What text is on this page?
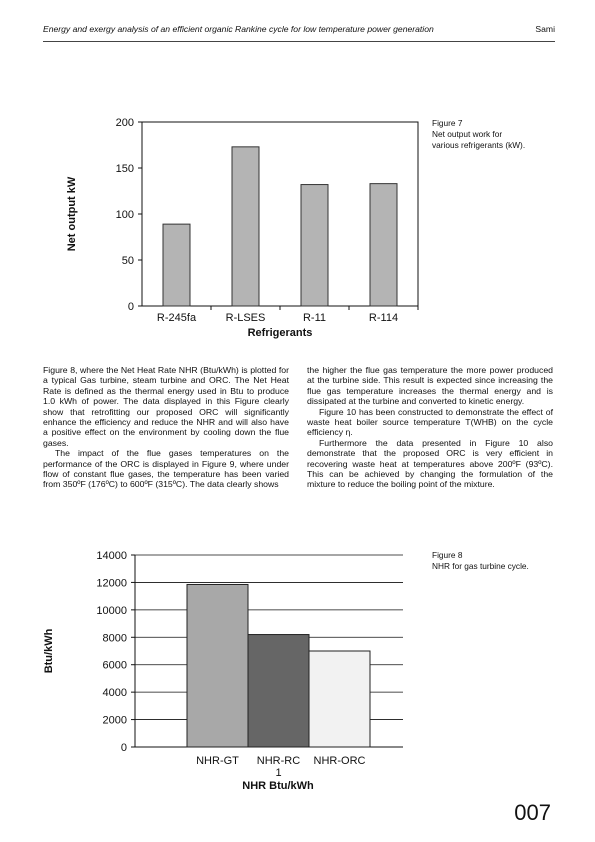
Energy and exergy analysis of an efficient organic Rankine cycle for low temperature power generation	Sami
0
50
100
150
200
R-245fa	R-LSES	R-11	R-114
Refrigerants
Net output kW
Figure 7
Net output work for
various refrigerants (kW).

Figure 8, where the Net Heat Rate NHR (Btu/kWh) is plotted for a typical Gas turbine, steam turbine and ORC. The Net Heat Rate is defined as the thermal energy used in Btu to produce 1.0 kWh of power. The data displayed in this Figure clearly show that retrofitting our proposed ORC will significantly enhance the efficiency and reduce the NHR and will also have a positive effect on the environment by cooling down the flue gases.

The impact of the flue gases temperatures on the performance of the ORC is displayed in Figure 9, where under flow of constant flue gases, the temperature has been varied from 350ºF (176ºC) to 600ºF (315ºC). The data clearly shows

the higher the flue gas temperature the more power produced at the turbine side. This result is expected since increasing the flue gas temperature increases the thermal energy and is dissipated at the turbine and converted to kinetic energy.

Figure 10 has been constructed to demonstrate the effect of waste heat boiler source temperature T(WHB) on the cycle efficiency η.

Furthermore the data presented in Figure 10 also demonstrate that the proposed ORC is very efficient in recovering waste heat at temperatures above 200ºF (93ºC). This can be achieved by changing the formulation of the mixture to reduce the boiling point of the mixture.

0
2000
4000
6000
8000
10000
12000
14000
NHR-GT NHR-RC
1
NHR-ORC
NHR Btu/kWh
Btu/kWh
Figure 8
NHR for gas turbine cycle.
007
